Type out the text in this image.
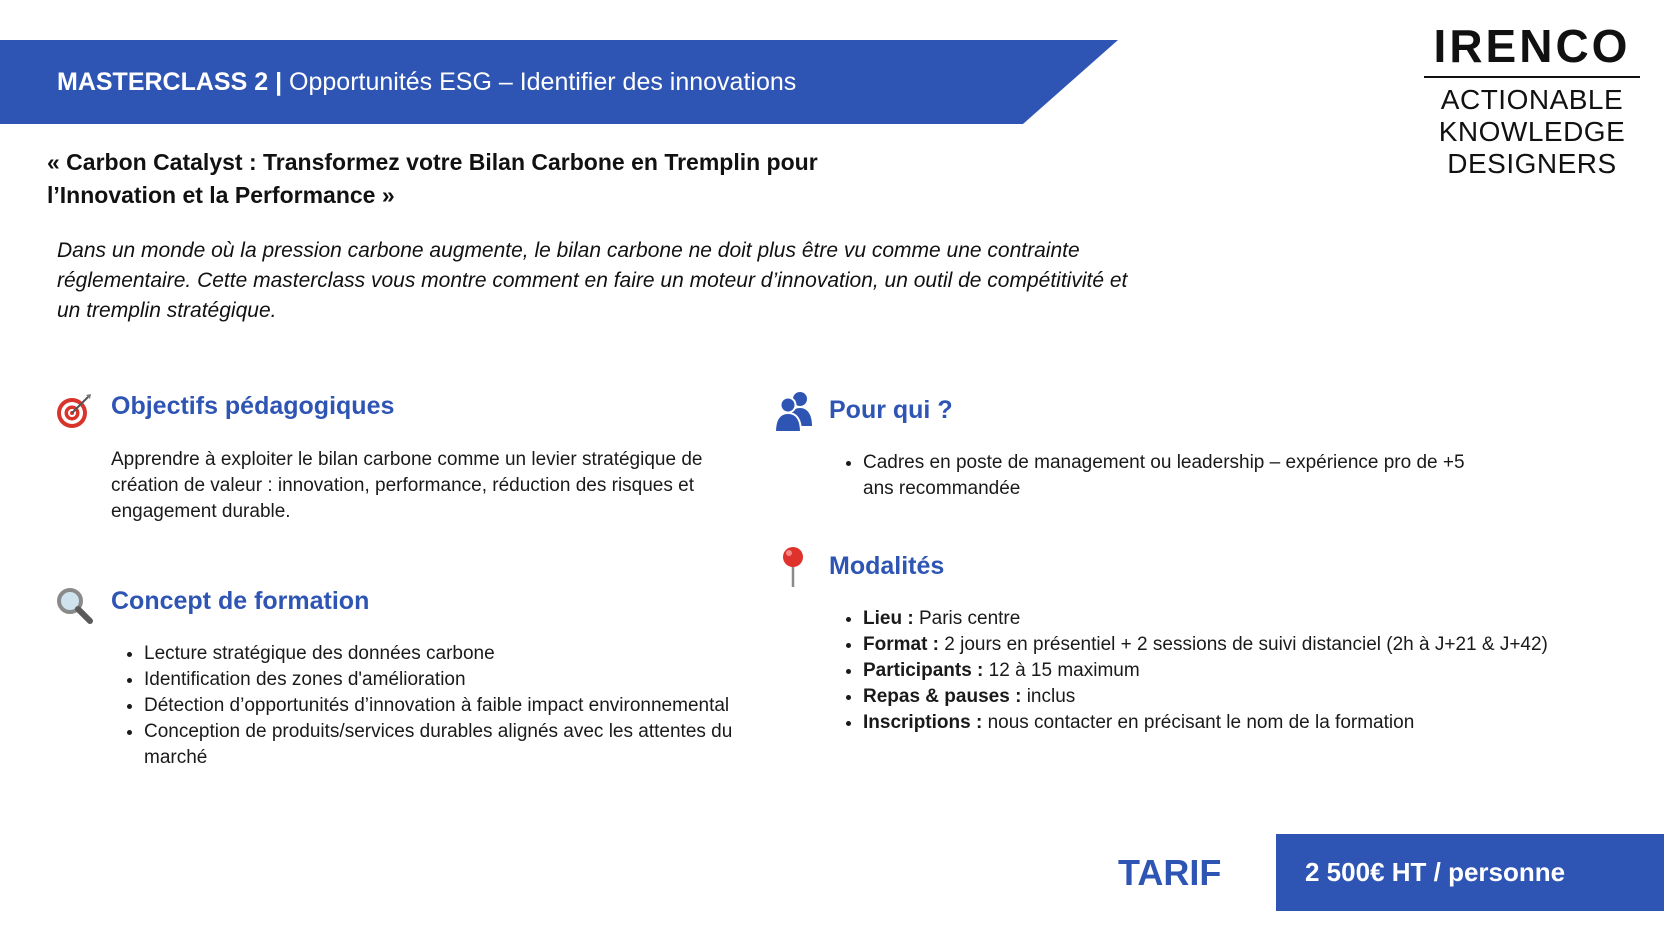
MASTERCLASS 2 | Opportunités ESG – Identifier des innovations
IRENCO
ACTIONABLE
KNOWLEDGE
DESIGNERS
« Carbon Catalyst : Transformez votre Bilan Carbone en Tremplin pour l’Innovation et la Performance »
Dans un monde où la pression carbone augmente, le bilan carbone ne doit plus être vu comme une contrainte réglementaire. Cette masterclass vous montre comment en faire un moteur d’innovation, un outil de compétitivité et un tremplin stratégique.
Objectifs pédagogiques
Apprendre à exploiter le bilan carbone comme un levier stratégique de création de valeur : innovation, performance, réduction des risques et engagement durable.
Concept de formation
• Lecture stratégique des données carbone
• Identification des zones d'amélioration
• Détection d’opportunités d’innovation à faible impact environnemental
• Conception de produits/services durables alignés avec les attentes du marché
Pour qui ?
• Cadres en poste de management ou leadership – expérience pro de +5 ans recommandée
Modalités
• Lieu : Paris centre
• Format : 2 jours en présentiel + 2 sessions de suivi distanciel (2h à J+21 & J+42)
• Participants : 12 à 15 maximum
• Repas & pauses : inclus
• Inscriptions : nous contacter en précisant le nom de la formation
TARIF	2 500€ HT / personne
